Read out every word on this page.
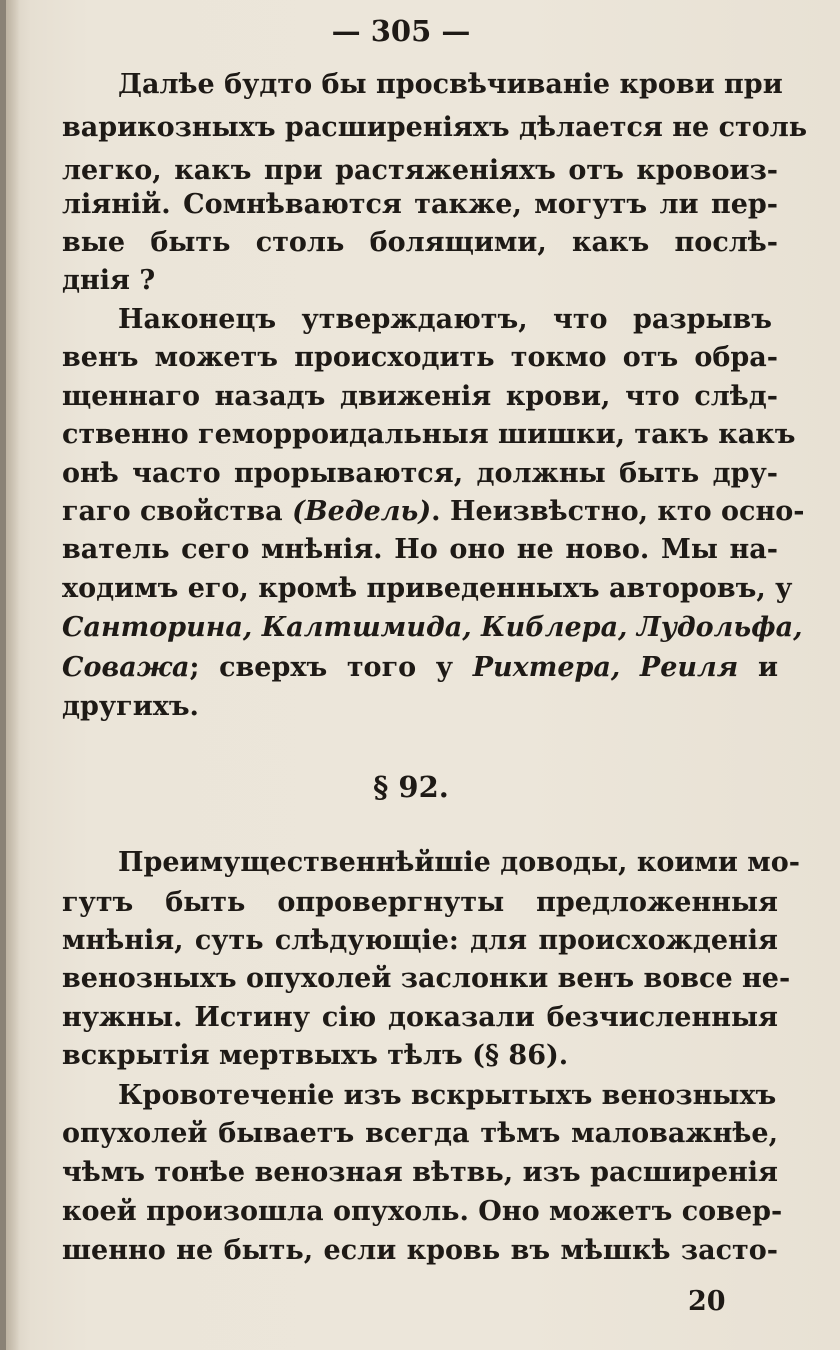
— 305 —
Далѣе будто бы просвѣчиваніе крови при
варикозныхъ расширеніяхъ дѣлается не столь
легко, какъ при растяженіяхъ отъ кровоиз-
ліяній. Сомнѣваются также, могутъ ли пер-
вые быть столь болящими, какъ послѣ-
днія ?
Наконецъ утверждаютъ, что разрывъ
венъ можетъ происходить токмо отъ обра-
щеннаго назадъ движенія крови, что слѣд-
ственно геморроидальныя шишки, такъ какъ
онѣ часто прорываются, должны быть дру-
гаго свойства (Ведель). Неизвѣстно, кто осно-
ватель сего мнѣнія. Но оно не ново. Мы на-
ходимъ его, кромѣ приведенныхъ авторовъ, у
Санторина, Калтшмида, Киблера, Лудольфа,
Соважа; сверхъ того у Рихтера, Реиля и
другихъ.
§ 92.
Преимущественнѣйшіе доводы, коими мо-
гутъ быть опровергнуты предложенныя
мнѣнія, суть слѣдующіе: для происхожденія
венозныхъ опухолей заслонки венъ вовсе не-
нужны. Истину сію доказали безчисленныя
вскрытія мертвыхъ тѣлъ (§ 86).
Кровотеченіе изъ вскрытыхъ венозныхъ
опухолей бываетъ всегда тѣмъ маловажнѣе,
чѣмъ тонѣе венозная вѣтвь, изъ расширенія
коей произошла опухоль. Оно можетъ совер-
шенно не быть, если кровь въ мѣшкѣ засто-
20
